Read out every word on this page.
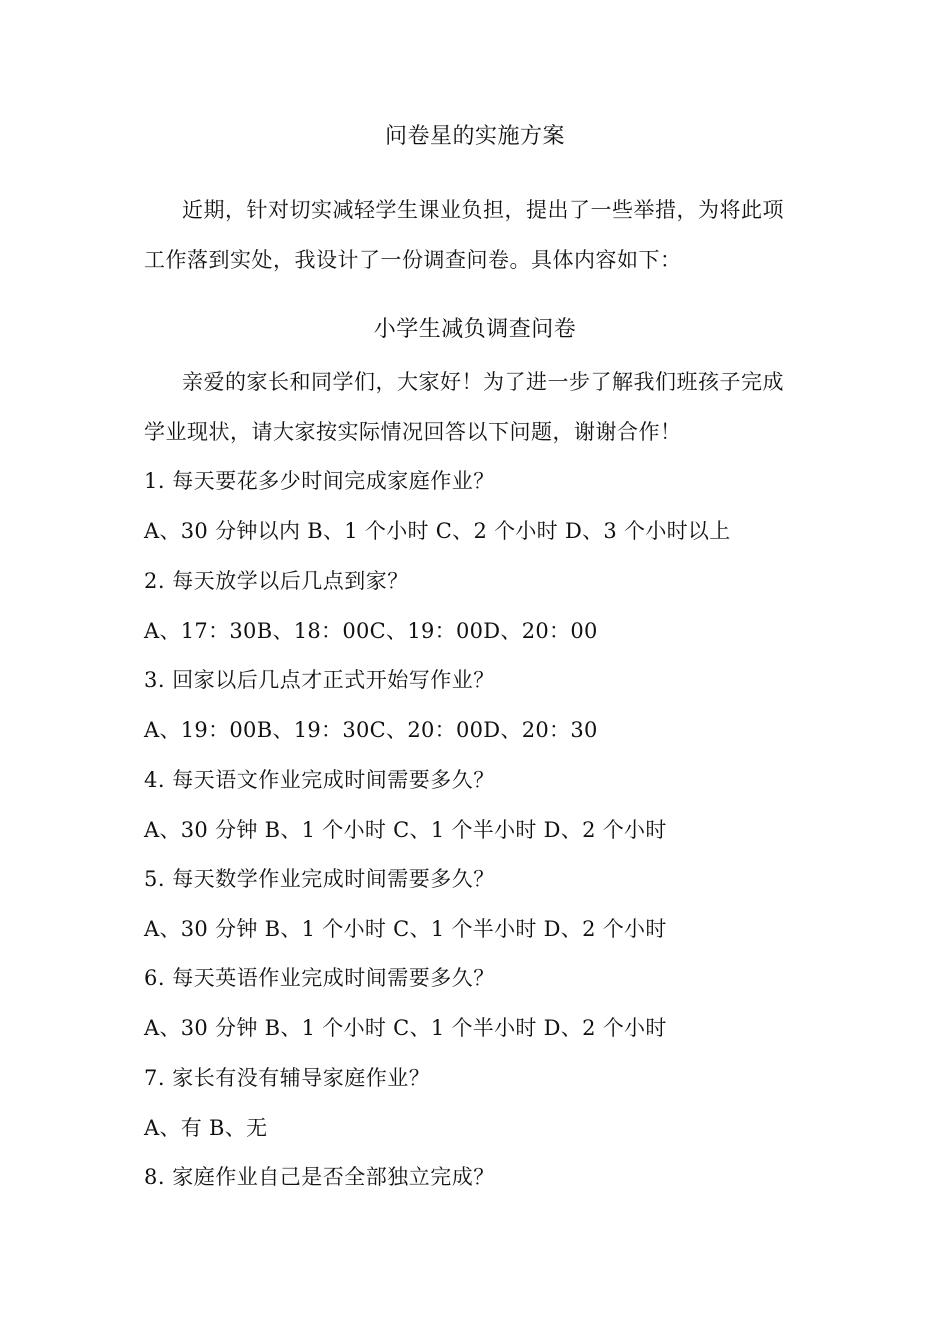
问卷星的实施方案
近期，针对切实减轻学生课业负担，提出了一些举措，为将此项
工作落到实处，我设计了一份调查问卷。具体内容如下：
小学生减负调查问卷
亲爱的家长和同学们，大家好！为了进一步了解我们班孩子完成
学业现状，请大家按实际情况回答以下问题，谢谢合作！
1. 每天要花多少时间完成家庭作业？
A、30 分钟以内 B、1 个小时 C、2 个小时 D、3 个小时以上
2. 每天放学以后几点到家？
A、17：30B、18：00C、19：00D、20：00
3. 回家以后几点才正式开始写作业？
A、19：00B、19：30C、20：00D、20：30
4. 每天语文作业完成时间需要多久？
A、30 分钟 B、1 个小时 C、1 个半小时 D、2 个小时
5. 每天数学作业完成时间需要多久？
A、30 分钟 B、1 个小时 C、1 个半小时 D、2 个小时
6. 每天英语作业完成时间需要多久？
A、30 分钟 B、1 个小时 C、1 个半小时 D、2 个小时
7. 家长有没有辅导家庭作业？
A、有 B、无
8. 家庭作业自己是否全部独立完成？
